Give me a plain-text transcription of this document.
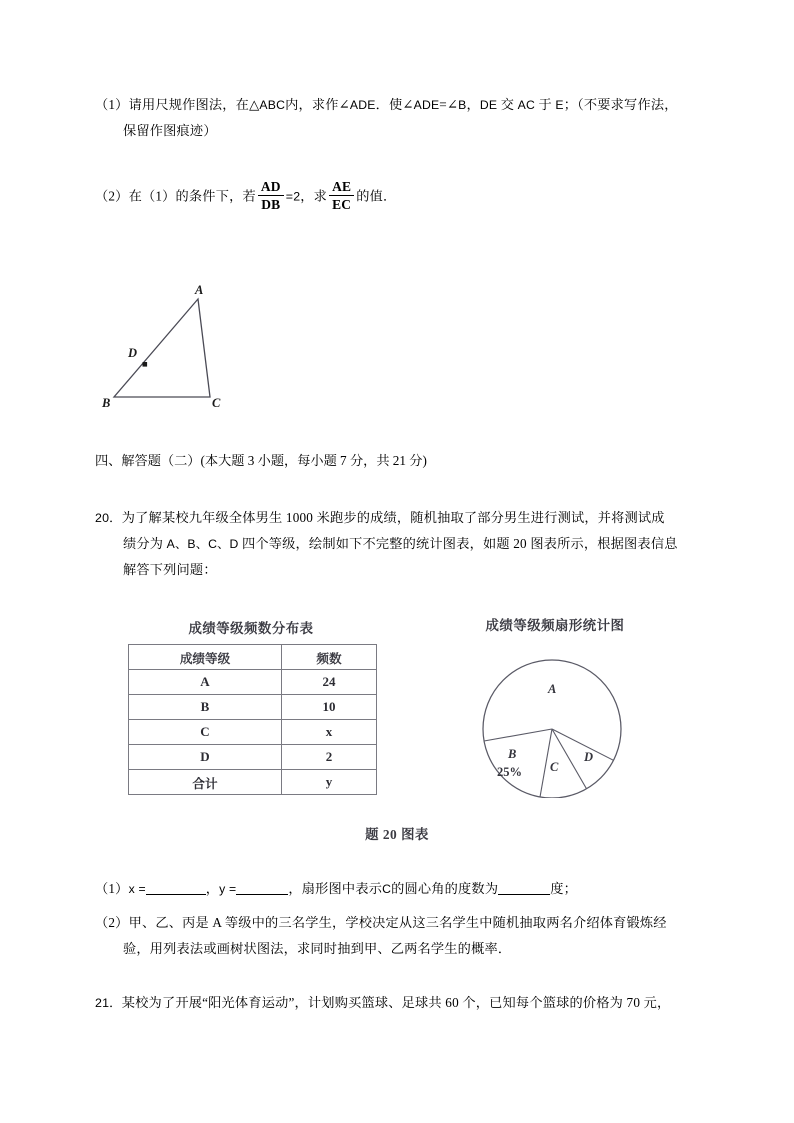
（1）请用尺规作图法，在△ABC内，求作∠ADE．使∠ADE=∠B，DE 交 AC 于 E；（不要求写作法，
保留作图痕迹）
（2）在（1）的条件下，若 $\frac{AD}{DB} =2$，求 $\frac{AE}{EC}$ 的值．
A
B	C
D
四、解答题（二）(本大题 3 小题，每小题 7 分，共 21 分)
20．为了解某校九年级全体男生 1000 米跑步的成绩，随机抽取了部分男生进行测试，并将测试成
绩分为 A、B、C、D 四个等级，绘制如下不完整的统计图表，如题 20 图表所示，根据图表信息
解答下列问题：
成绩等级频数分布表
成绩等级	频数
A	24
B	10
C	x
D	2
合计	y
成绩等级频扇形统计图
A
B
25% C
D
题 20 图表
（1）x =	，y =	，扇形图中表示C的圆心角的度数为	度；
（2）甲、乙、丙是 A 等级中的三名学生，学校决定从这三名学生中随机抽取两名介绍体育锻炼经
验，用列表法或画树状图法，求同时抽到甲、乙两名学生的概率．
21．某校为了开展“阳光体育运动”，计划购买篮球、足球共 60 个，已知每个篮球的价格为 70 元，
